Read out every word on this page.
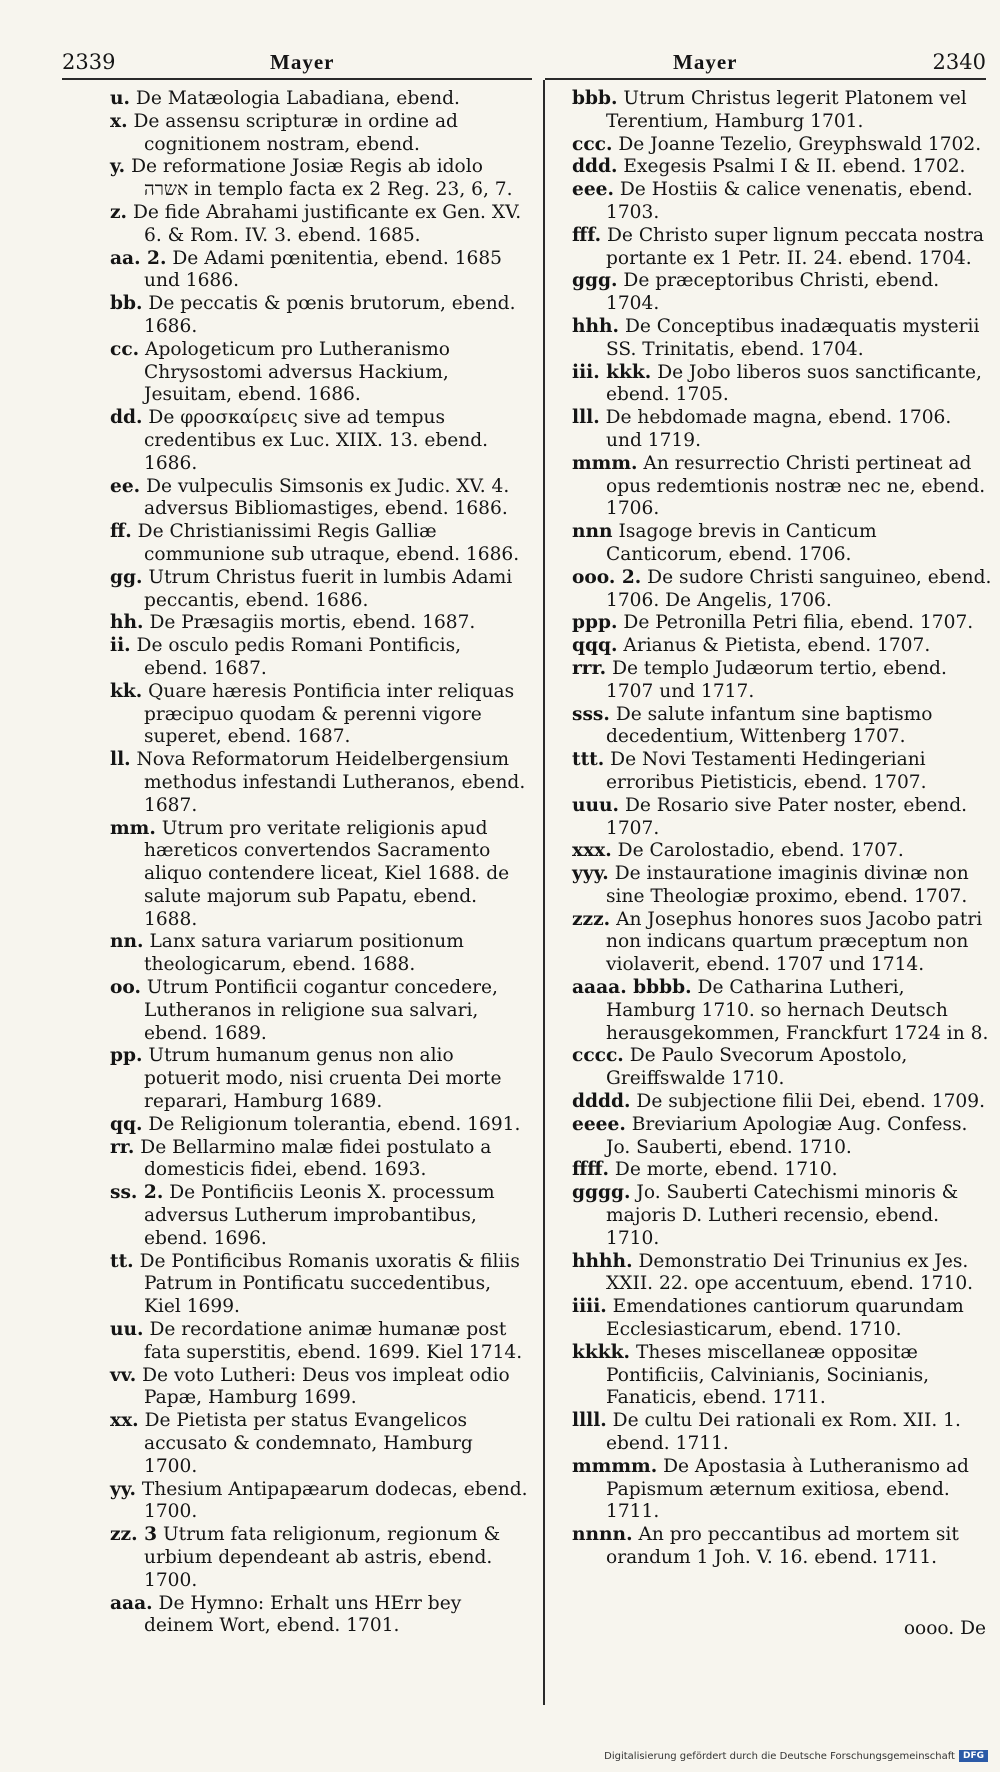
2339	Mayer	Mayer	2340

u. De Matæologia Labadiana, ebend.

x. De assensu scripturæ in ordine ad cognitionem nostram, ebend.

y. De reformatione Josiæ Regis ab idolo אשרה in templo facta ex 2 Reg. 23, 6, 7.

z. De fide Abrahami justificante ex Gen. XV. 6. & Rom. IV. 3. ebend. 1685.

aa. 2. De Adami pœnitentia, ebend. 1685 und 1686.

bb. De peccatis & pœnis brutorum, ebend. 1686.

cc. Apologeticum pro Lutheranismo Chrysostomi adversus Hackium, Jesuitam, ebend. 1686.

dd. De φροσκαίρεις sive ad tempus credentibus ex Luc. XIIX. 13. ebend. 1686.

ee. De vulpeculis Simsonis ex Judic. XV. 4. adversus Bibliomastiges, ebend. 1686.

ff. De Christianissimi Regis Galliæ communione sub utraque, ebend. 1686.

gg. Utrum Christus fuerit in lumbis Adami peccantis, ebend. 1686.

hh. De Præsagiis mortis, ebend. 1687.

ii. De osculo pedis Romani Pontificis, ebend. 1687.

kk. Quare hæresis Pontificia inter reliquas præcipuo quodam & perenni vigore superet, ebend. 1687.

ll. Nova Reformatorum Heidelbergensium methodus infestandi Lutheranos, ebend. 1687.

mm. Utrum pro veritate religionis apud hæreticos convertendos Sacramento aliquo contendere liceat, Kiel 1688. de salute majorum sub Papatu, ebend. 1688.

nn. Lanx satura variarum positionum theologicarum, ebend. 1688.

oo. Utrum Pontificii cogantur concedere, Lutheranos in religione sua salvari, ebend. 1689.

pp. Utrum humanum genus non alio potuerit modo, nisi cruenta Dei morte reparari, Hamburg 1689.

qq. De Religionum tolerantia, ebend. 1691.

rr. De Bellarmino malæ fidei postulato a domesticis fidei, ebend. 1693.

ss. 2. De Pontificiis Leonis X. processum adversus Lutherum improbantibus, ebend. 1696.

tt. De Pontificibus Romanis uxoratis & filiis Patrum in Pontificatu succedentibus, Kiel 1699.

uu. De recordatione animæ humanæ post fata superstitis, ebend. 1699. Kiel 1714.

vv. De voto Lutheri: Deus vos impleat odio Papæ, Hamburg 1699.

xx. De Pietista per status Evangelicos accusato & condemnato, Hamburg 1700.

yy. Thesium Antipapæarum dodecas, ebend. 1700.

zz. 3 Utrum fata religionum, regionum & urbium dependeant ab astris, ebend. 1700.

aaa. De Hymno: Erhalt uns HErr bey deinem Wort, ebend. 1701.

bbb. Utrum Christus legerit Platonem vel Terentium, Hamburg 1701.

ccc. De Joanne Tezelio, Greyphswald 1702.

ddd. Exegesis Psalmi I & II. ebend. 1702.

eee. De Hostiis & calice venenatis, ebend. 1703.

fff. De Christo super lignum peccata nostra portante ex 1 Petr. II. 24. ebend. 1704.

ggg. De præceptoribus Christi, ebend. 1704.

hhh. De Conceptibus inadæquatis mysterii SS. Trinitatis, ebend. 1704.

iii. kkk. De Jobo liberos suos sanctificante, ebend. 1705.

lll. De hebdomade magna, ebend. 1706. und 1719.

mmm. An resurrectio Christi pertineat ad opus redemtionis nostræ nec ne, ebend. 1706.

nnn Isagoge brevis in Canticum Canticorum, ebend. 1706.

ooo. 2. De sudore Christi sanguineo, ebend. 1706. De Angelis, 1706.

ppp. De Petronilla Petri filia, ebend. 1707.

qqq. Arianus & Pietista, ebend. 1707.

rrr. De templo Judæorum tertio, ebend. 1707 und 1717.

sss. De salute infantum sine baptismo decedentium, Wittenberg 1707.

ttt. De Novi Testamenti Hedingeriani erroribus Pietisticis, ebend. 1707.

uuu. De Rosario sive Pater noster, ebend. 1707.

xxx. De Carolostadio, ebend. 1707.

yyy. De instauratione imaginis divinæ non sine Theologiæ proximo, ebend. 1707.

zzz. An Josephus honores suos Jacobo patri non indicans quartum præceptum non violaverit, ebend. 1707 und 1714.

aaaa. bbbb. De Catharina Lutheri, Hamburg 1710. so hernach Deutsch herausgekommen, Franckfurt 1724 in 8.

cccc. De Paulo Svecorum Apostolo, Greiffswalde 1710.

dddd. De subjectione filii Dei, ebend. 1709.

eeee. Breviarium Apologiæ Aug. Confess. Jo. Sauberti, ebend. 1710.

ffff. De morte, ebend. 1710.

gggg. Jo. Sauberti Catechismi minoris & majoris D. Lutheri recensio, ebend. 1710.

hhhh. Demonstratio Dei Trinunius ex Jes. XXII. 22. ope accentuum, ebend. 1710.

iiii. Emendationes cantiorum quarundam Ecclesiasticarum, ebend. 1710.

kkkk. Theses miscellaneæ oppositæ Pontificiis, Calvinianis, Socinianis, Fanaticis, ebend. 1711.

llll. De cultu Dei rationali ex Rom. XII. 1. ebend. 1711.

mmmm. De Apostasia à Lutheranismo ad Papismum æternum exitiosa, ebend. 1711.

nnnn. An pro peccantibus ad mortem sit orandum 1 Joh. V. 16. ebend. 1711.

oooo. De
Digitalisierung gefördert durch die Deutsche Forschungsgemeinschaft DFG
